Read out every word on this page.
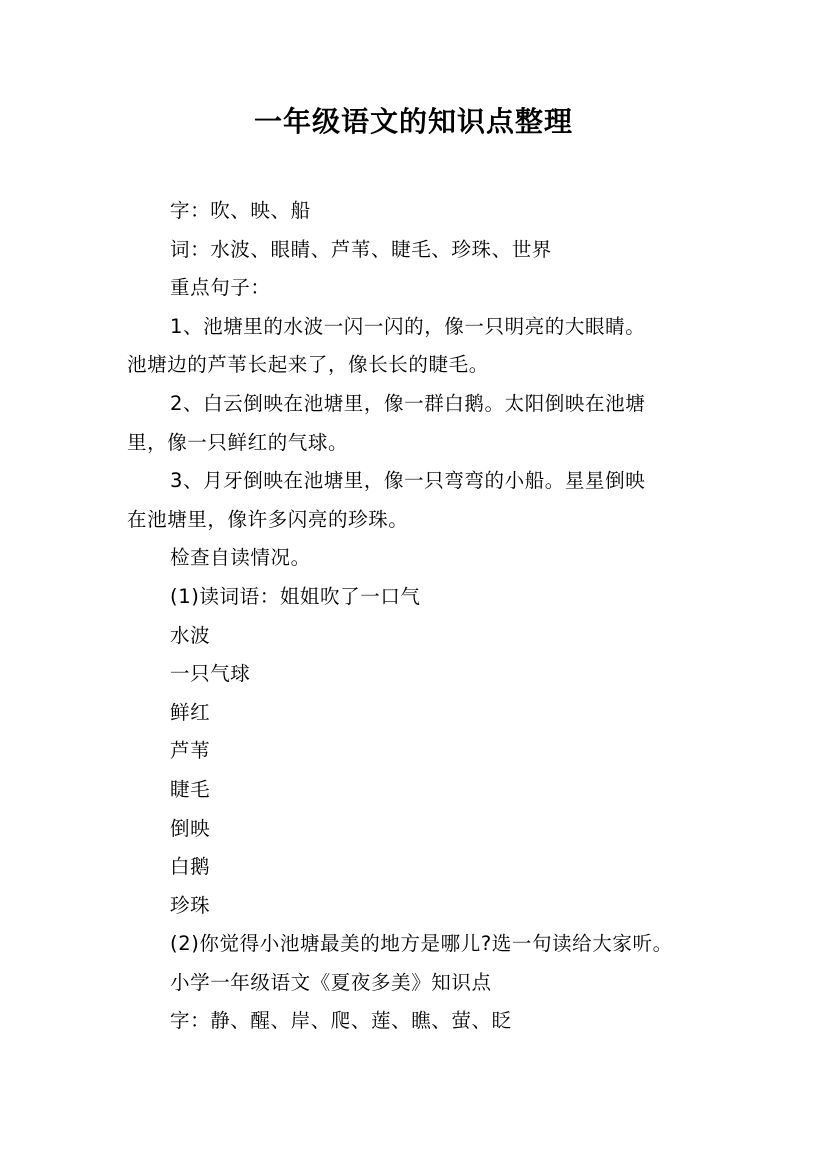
一年级语文的知识点整理

字：吹、映、船

词：水波、眼睛、芦苇、睫毛、珍珠、世界

重点句子：

1、池塘里的水波一闪一闪的，像一只明亮的大眼睛。

池塘边的芦苇长起来了，像长长的睫毛。

2、白云倒映在池塘里，像一群白鹅。太阳倒映在池塘

里，像一只鲜红的气球。

3、月牙倒映在池塘里，像一只弯弯的小船。星星倒映

在池塘里，像许多闪亮的珍珠。

检查自读情况。

(1)读词语：姐姐吹了一口气

水波

一只气球

鲜红

芦苇

睫毛

倒映

白鹅

珍珠

(2)你觉得小池塘最美的地方是哪儿?选一句读给大家听。

小学一年级语文《夏夜多美》知识点

字：静、醒、岸、爬、莲、瞧、萤、眨
